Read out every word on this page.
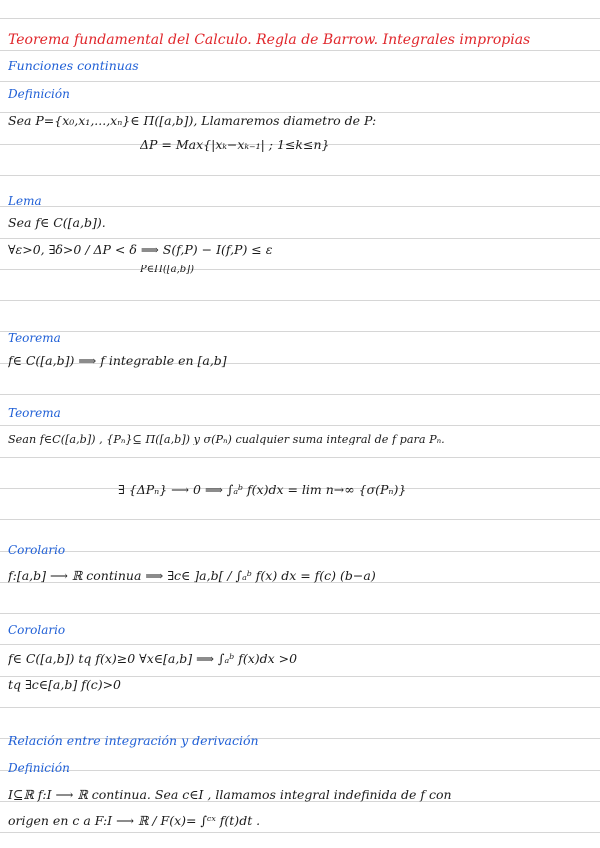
Teorema fundamental del Calculo. Regla de Barrow. Integrales impropias
Funciones continuas
Definición
Sea P={x₀,x₁,...,xₙ}∈ Π([a,b]), Llamaremos diametro de P:
ΔP = Max{|xₖ−xₖ₋₁| ; 1≤k≤n}
Lema
Sea f∈ C([a,b]).
∀ε>0, ∃δ>0 / ΔP < δ ⟹ S(f,P) − I(f,P) ≤ ε
P∈Π([a,b])
Teorema
f∈ C([a,b]) ⟹ f integrable en [a,b]
Teorema
Sean f∈C([a,b]) , {Pₙ}⊆ Π([a,b]) y σ(Pₙ) cualquier suma integral de f para Pₙ.
∃ {ΔPₙ} ⟶ 0 ⟹ ∫ₐᵇ f(x)dx = lim n→∞ {σ(Pₙ)}
Corolario
f:[a,b] ⟶ ℝ continua ⟹ ∃c∈ ]a,b[ / ∫ₐᵇ f(x) dx = f(c) (b−a)
Corolario
f∈ C([a,b]) tq f(x)≥0 ∀x∈[a,b] ⟹ ∫ₐᵇ f(x)dx >0
tq ∃c∈[a,b] f(c)>0
Relación entre integración y derivación
Definición
I⊆ℝ f:I ⟶ ℝ continua. Sea c∈I , llamamos integral indefinida de f con
origen en c a F:I ⟶ ℝ / F(x)= ∫ᶜˣ f(t)dt .
